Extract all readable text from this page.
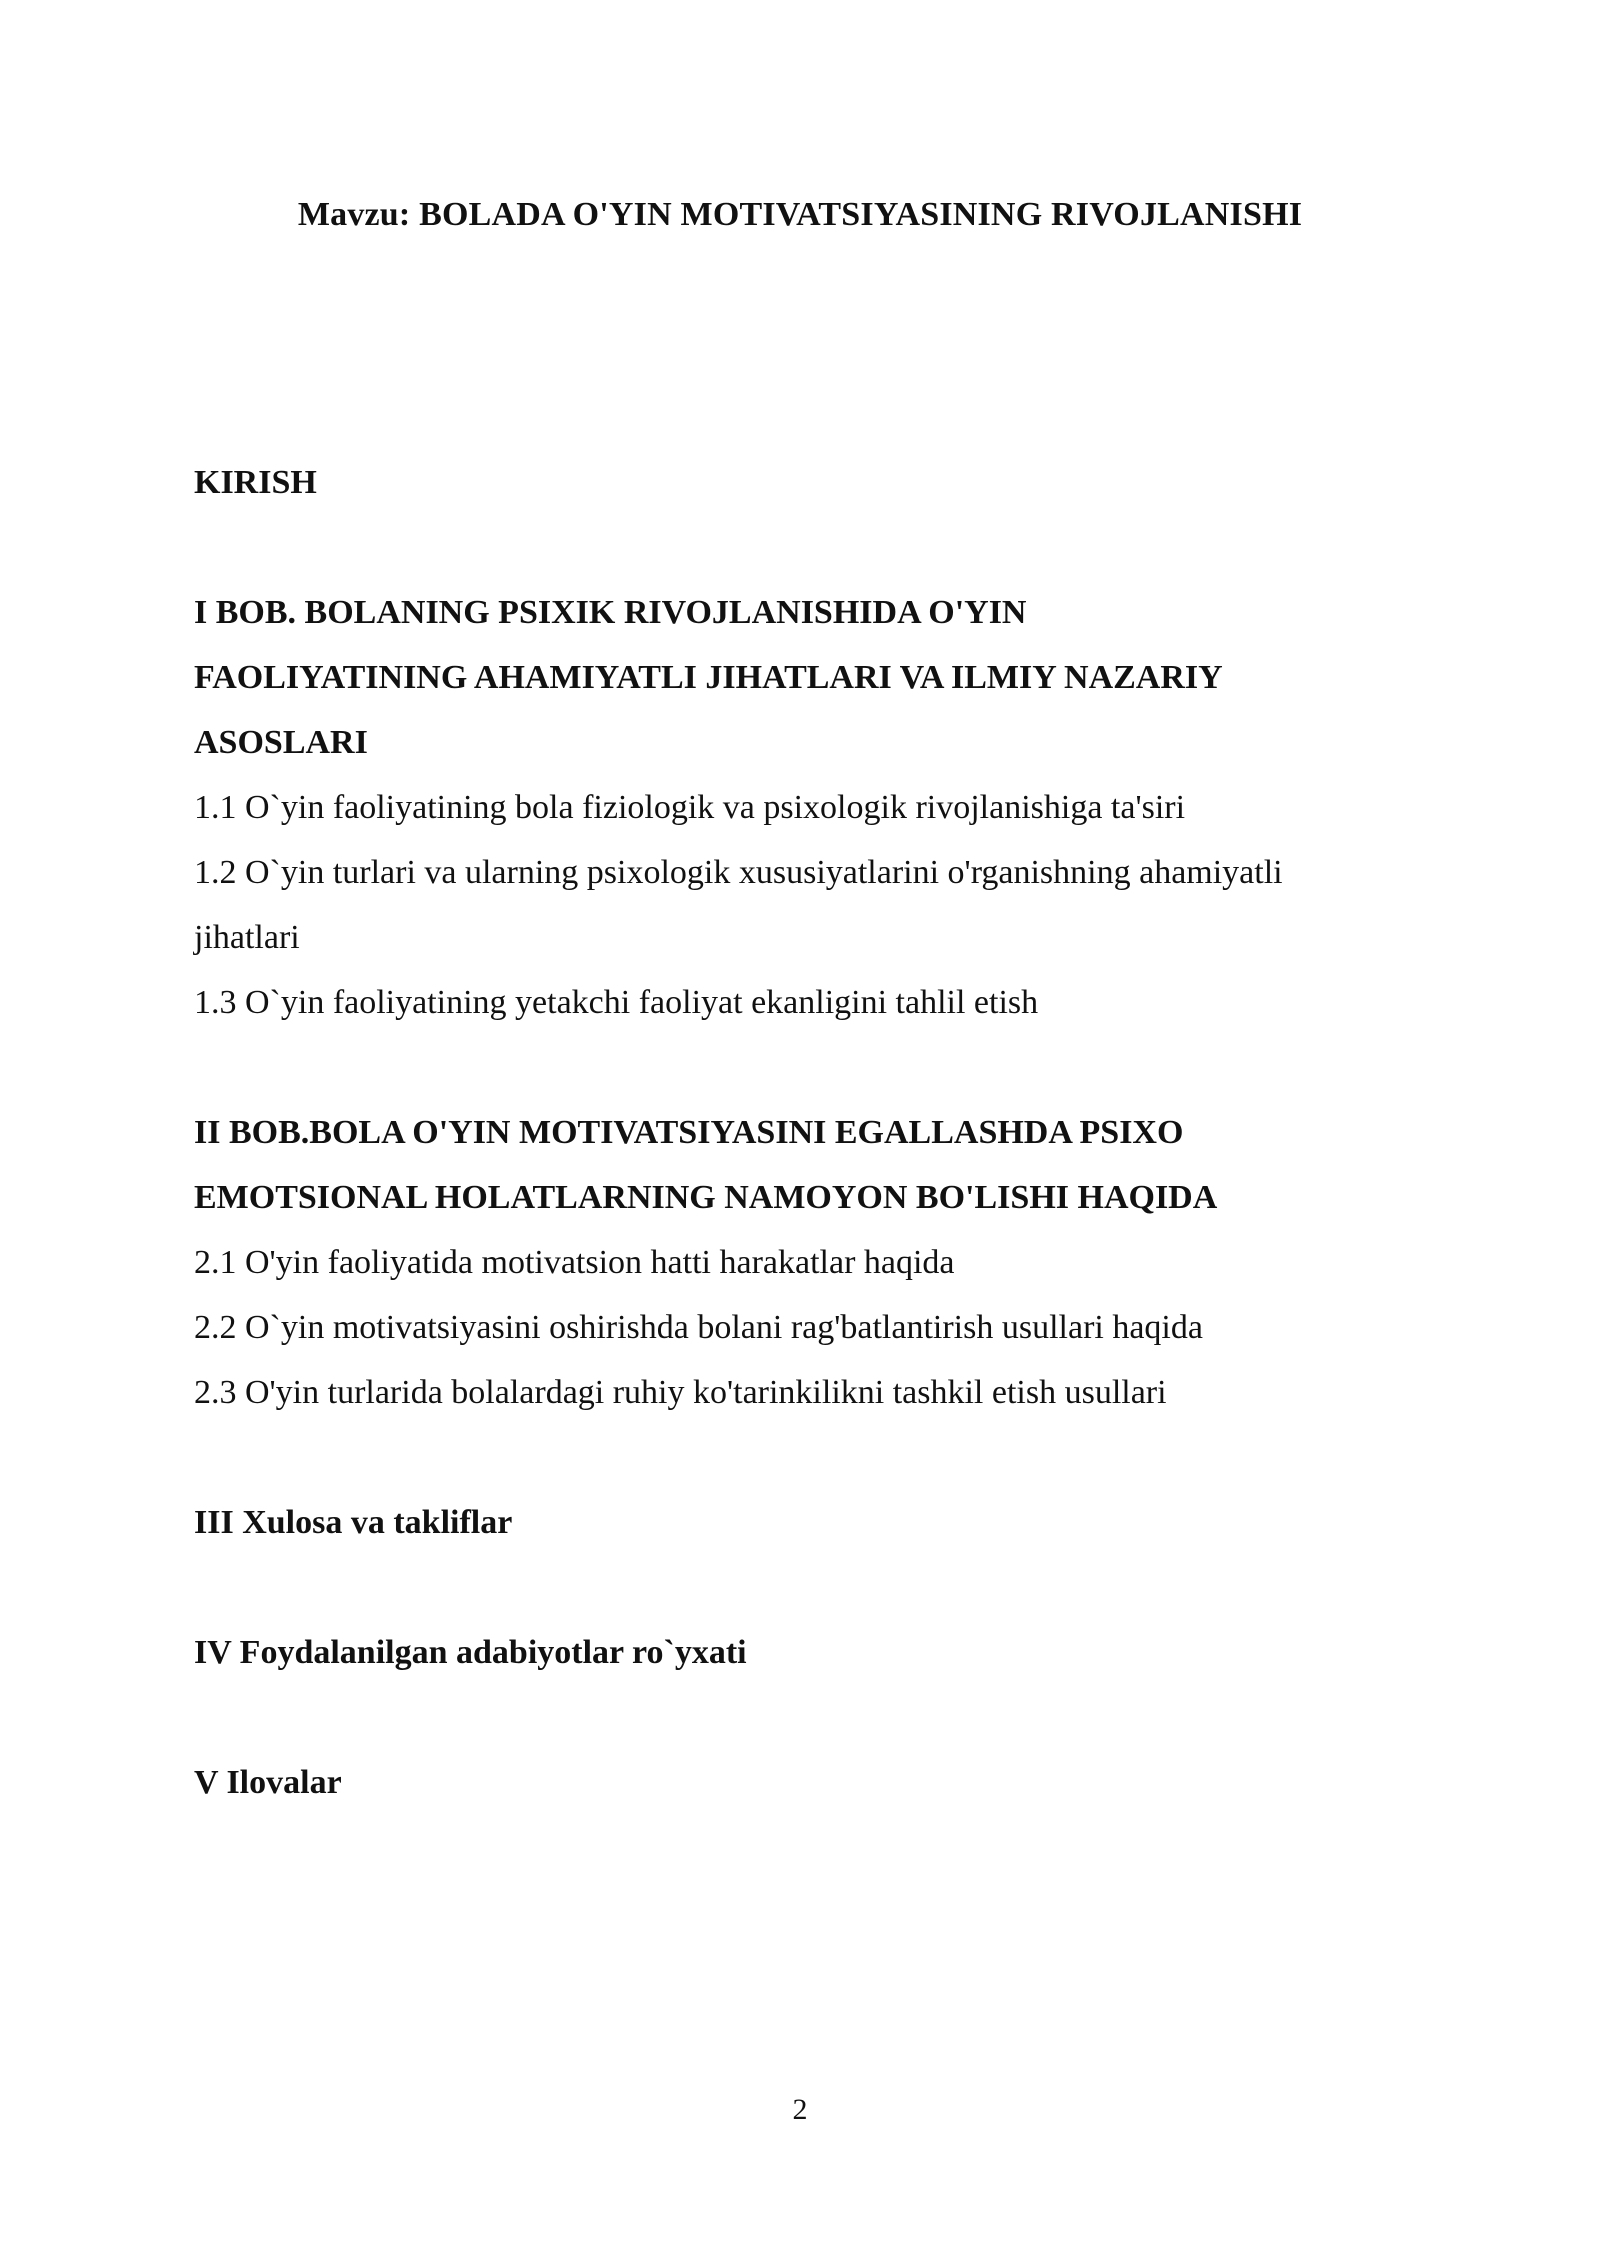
Mavzu: BOLADA O'YIN MOTIVATSIYASINING RIVOJLANISHI
KIRISH
I BOB. BOLANING PSIXIK RIVOJLANISHIDA O'YIN
FAOLIYATINING AHAMIYATLI JIHATLARI VA ILMIY NAZARIY
ASOSLARI
1.1 O`yin faoliyatining bola fiziologik va psixologik rivojlanishiga ta'siri
1.2 O`yin turlari va ularning psixologik xususiyatlarini o'rganishning ahamiyatli
jihatlari
1.3 O`yin faoliyatining yetakchi faoliyat ekanligini tahlil etish
II BOB.BOLA O'YIN MOTIVATSIYASINI EGALLASHDA PSIXO
EMOTSIONAL HOLATLARNING NAMOYON BO'LISHI HAQIDA
2.1 O'yin faoliyatida motivatsion hatti harakatlar haqida
2.2 O`yin motivatsiyasini oshirishda bolani rag'batlantirish usullari haqida
2.3 O'yin turlarida bolalardagi ruhiy ko'tarinkilikni tashkil etish usullari
III Xulosa va takliflar
IV Foydalanilgan adabiyotlar ro`yxati
V Ilovalar
2
